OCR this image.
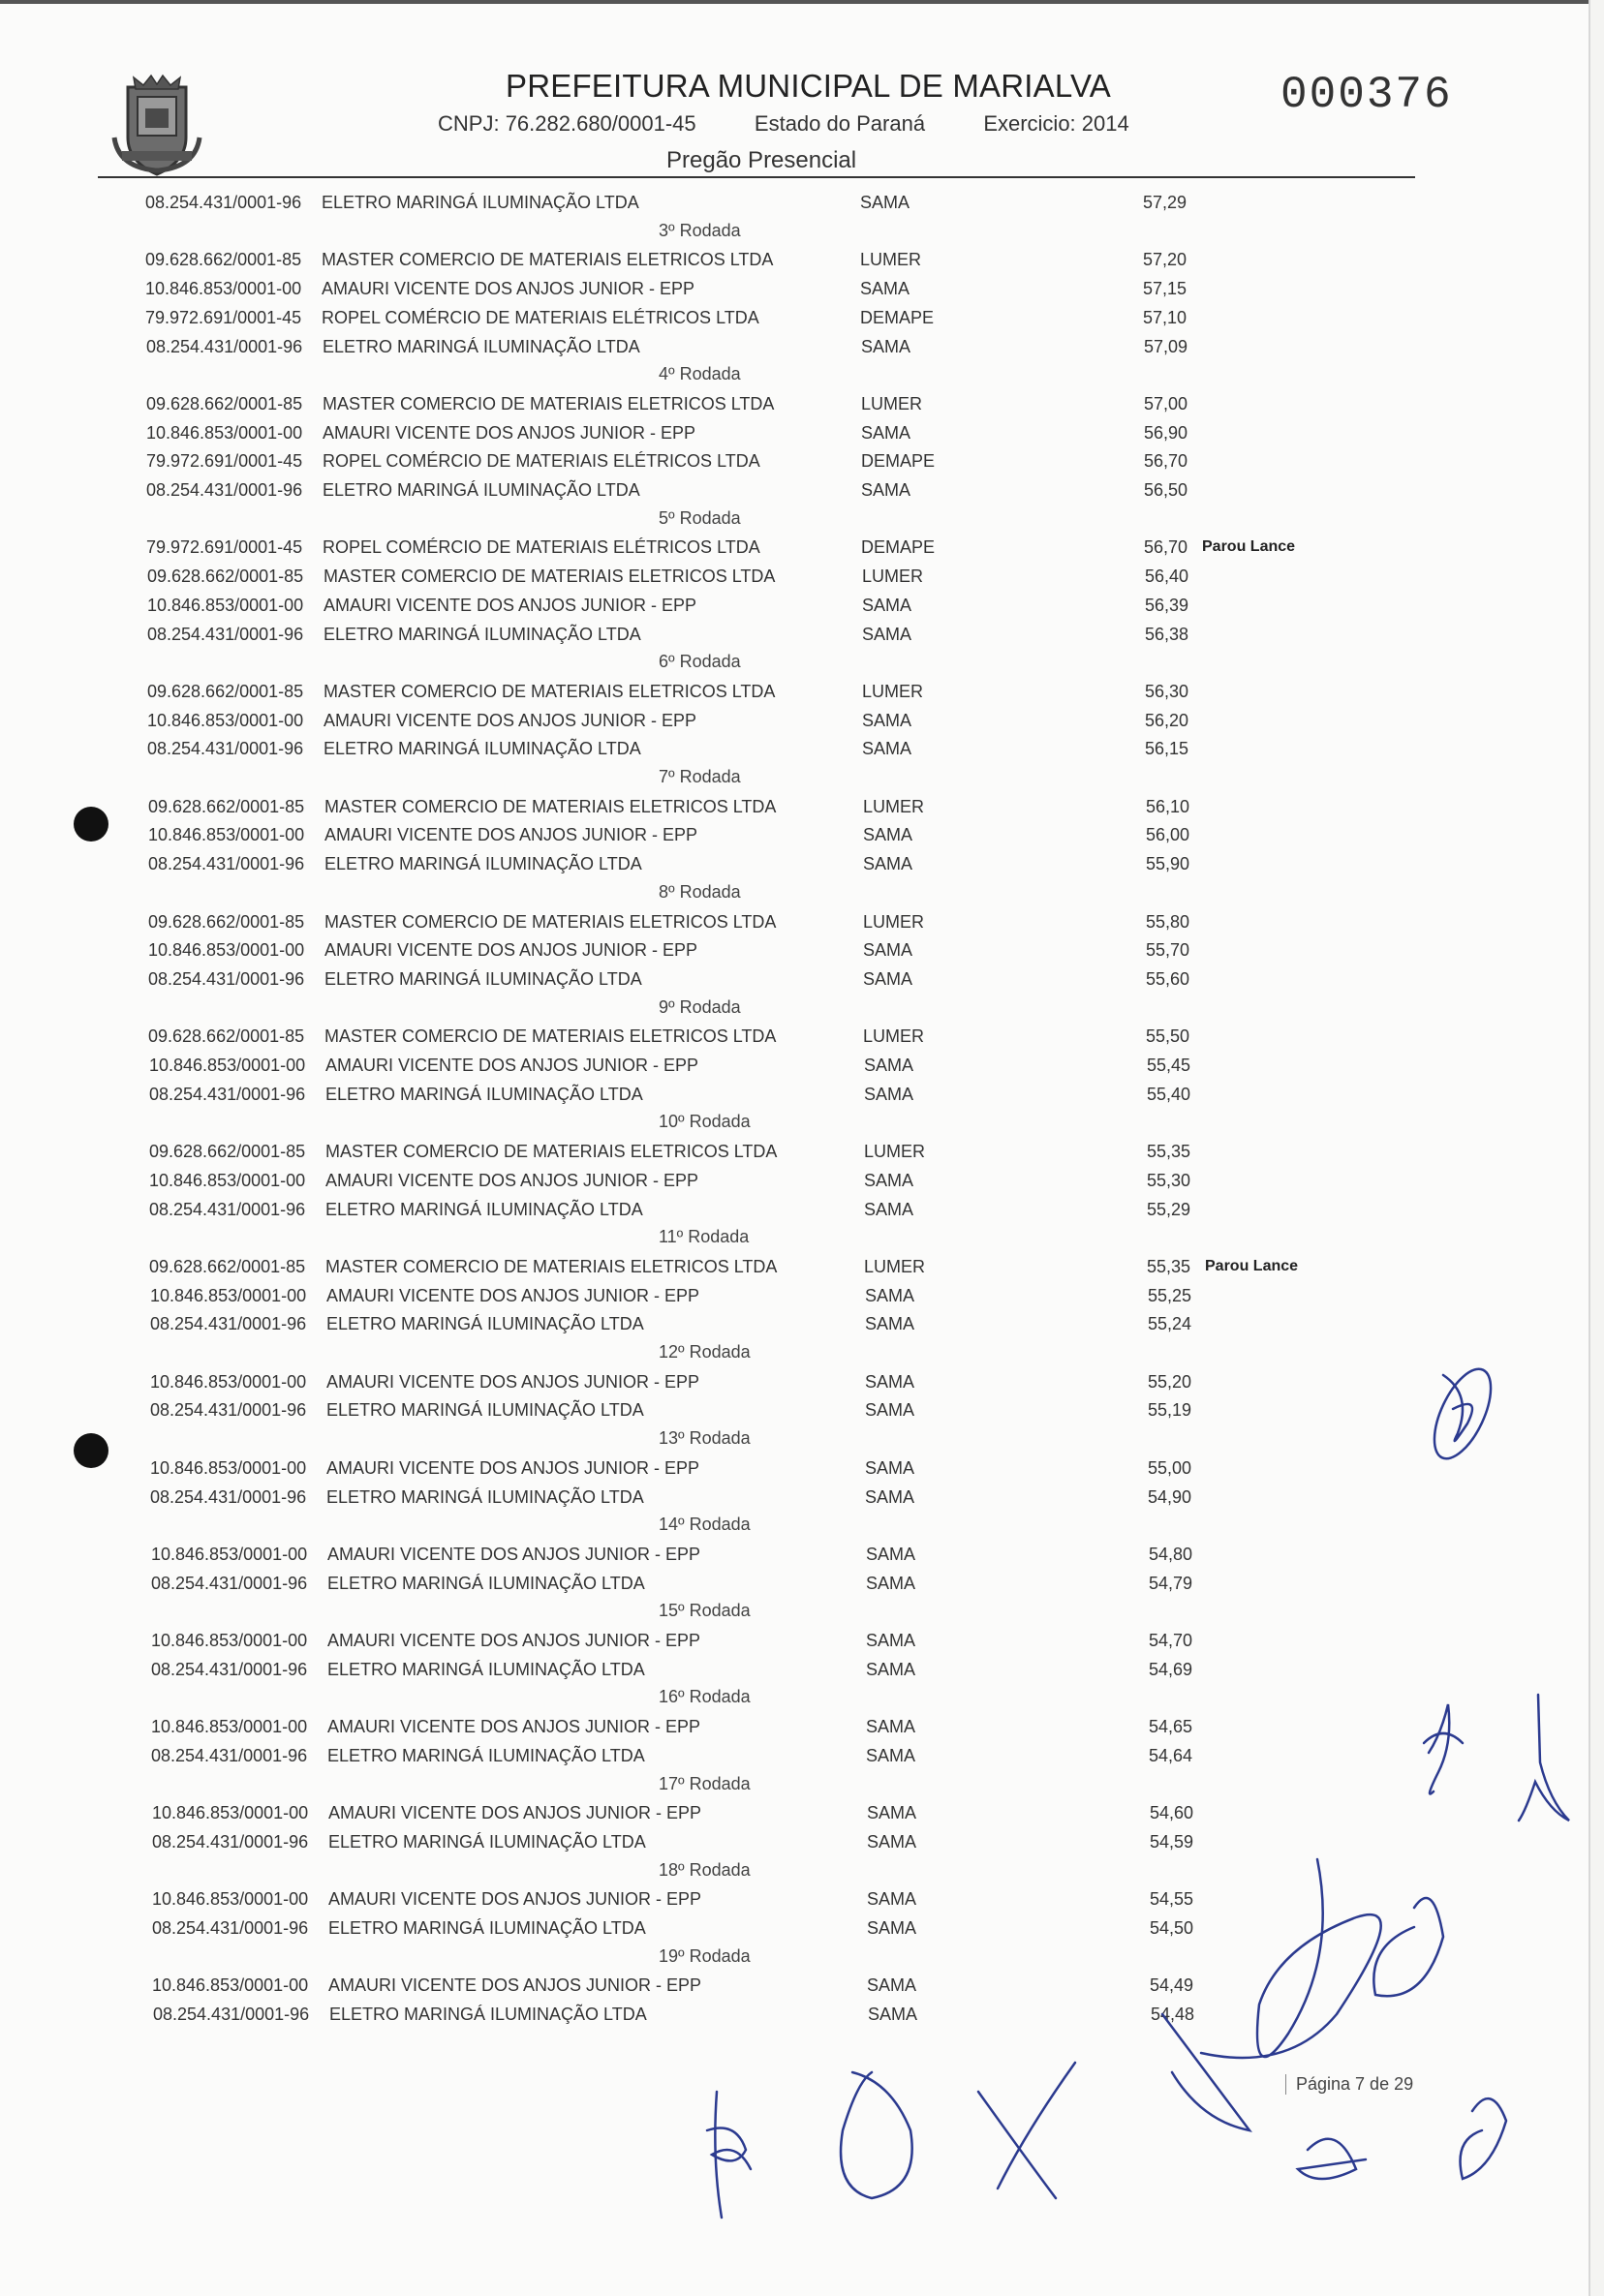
PREFEITURA MUNICIPAL DE MARIALVA
CNPJ: 76.282.680/0001-45	Estado do Paraná	Exercicio: 2014
Pregão Presencial
000376
08.254.431/0001-96 ELETRO MARINGÁ ILUMINAÇÃO LTDA	SAMA	57,29
3º Rodada
09.628.662/0001-85 MASTER COMERCIO DE MATERIAIS ELETRICOS LTDA	LUMER	57,20
10.846.853/0001-00 AMAURI VICENTE DOS ANJOS JUNIOR - EPP	SAMA	57,15
79.972.691/0001-45 ROPEL COMÉRCIO DE MATERIAIS ELÉTRICOS LTDA	DEMAPE	57,10
08.254.431/0001-96 ELETRO MARINGÁ ILUMINAÇÃO LTDA	SAMA	57,09
4º Rodada
09.628.662/0001-85 MASTER COMERCIO DE MATERIAIS ELETRICOS LTDA	LUMER	57,00
10.846.853/0001-00 AMAURI VICENTE DOS ANJOS JUNIOR - EPP	SAMA	56,90
79.972.691/0001-45 ROPEL COMÉRCIO DE MATERIAIS ELÉTRICOS LTDA	DEMAPE	56,70
08.254.431/0001-96 ELETRO MARINGÁ ILUMINAÇÃO LTDA	SAMA	56,50
5º Rodada
79.972.691/0001-45 ROPEL COMÉRCIO DE MATERIAIS ELÉTRICOS LTDA	DEMAPE	56,70 Parou Lance
09.628.662/0001-85 MASTER COMERCIO DE MATERIAIS ELETRICOS LTDA	LUMER	56,40
10.846.853/0001-00 AMAURI VICENTE DOS ANJOS JUNIOR - EPP	SAMA	56,39
08.254.431/0001-96 ELETRO MARINGÁ ILUMINAÇÃO LTDA	SAMA	56,38
6º Rodada
09.628.662/0001-85 MASTER COMERCIO DE MATERIAIS ELETRICOS LTDA	LUMER	56,30
10.846.853/0001-00 AMAURI VICENTE DOS ANJOS JUNIOR - EPP	SAMA	56,20
08.254.431/0001-96 ELETRO MARINGÁ ILUMINAÇÃO LTDA	SAMA	56,15
7º Rodada
09.628.662/0001-85 MASTER COMERCIO DE MATERIAIS ELETRICOS LTDA	LUMER	56,10
10.846.853/0001-00 AMAURI VICENTE DOS ANJOS JUNIOR - EPP	SAMA	56,00
08.254.431/0001-96 ELETRO MARINGÁ ILUMINAÇÃO LTDA	SAMA	55,90
8º Rodada
09.628.662/0001-85 MASTER COMERCIO DE MATERIAIS ELETRICOS LTDA	LUMER	55,80
10.846.853/0001-00 AMAURI VICENTE DOS ANJOS JUNIOR - EPP	SAMA	55,70
08.254.431/0001-96 ELETRO MARINGÁ ILUMINAÇÃO LTDA	SAMA	55,60
9º Rodada
09.628.662/0001-85 MASTER COMERCIO DE MATERIAIS ELETRICOS LTDA	LUMER	55,50
10.846.853/0001-00 AMAURI VICENTE DOS ANJOS JUNIOR - EPP	SAMA	55,45
08.254.431/0001-96 ELETRO MARINGÁ ILUMINAÇÃO LTDA	SAMA	55,40
10º Rodada
09.628.662/0001-85 MASTER COMERCIO DE MATERIAIS ELETRICOS LTDA	LUMER	55,35
10.846.853/0001-00 AMAURI VICENTE DOS ANJOS JUNIOR - EPP	SAMA	55,30
08.254.431/0001-96 ELETRO MARINGÁ ILUMINAÇÃO LTDA	SAMA	55,29
11º Rodada
09.628.662/0001-85 MASTER COMERCIO DE MATERIAIS ELETRICOS LTDA	LUMER	55,35 Parou Lance
10.846.853/0001-00 AMAURI VICENTE DOS ANJOS JUNIOR - EPP	SAMA	55,25
08.254.431/0001-96 ELETRO MARINGÁ ILUMINAÇÃO LTDA	SAMA	55,24
12º Rodada
10.846.853/0001-00 AMAURI VICENTE DOS ANJOS JUNIOR - EPP	SAMA	55,20
08.254.431/0001-96 ELETRO MARINGÁ ILUMINAÇÃO LTDA	SAMA	55,19
13º Rodada
10.846.853/0001-00 AMAURI VICENTE DOS ANJOS JUNIOR - EPP	SAMA	55,00
08.254.431/0001-96 ELETRO MARINGÁ ILUMINAÇÃO LTDA	SAMA	54,90
14º Rodada
10.846.853/0001-00 AMAURI VICENTE DOS ANJOS JUNIOR - EPP	SAMA	54,80
08.254.431/0001-96 ELETRO MARINGÁ ILUMINAÇÃO LTDA	SAMA	54,79
15º Rodada
10.846.853/0001-00 AMAURI VICENTE DOS ANJOS JUNIOR - EPP	SAMA	54,70
08.254.431/0001-96 ELETRO MARINGÁ ILUMINAÇÃO LTDA	SAMA	54,69
16º Rodada
10.846.853/0001-00 AMAURI VICENTE DOS ANJOS JUNIOR - EPP	SAMA	54,65
08.254.431/0001-96 ELETRO MARINGÁ ILUMINAÇÃO LTDA	SAMA	54,64
17º Rodada
10.846.853/0001-00 AMAURI VICENTE DOS ANJOS JUNIOR - EPP	SAMA	54,60
08.254.431/0001-96 ELETRO MARINGÁ ILUMINAÇÃO LTDA	SAMA	54,59
18º Rodada
10.846.853/0001-00 AMAURI VICENTE DOS ANJOS JUNIOR - EPP	SAMA	54,55
08.254.431/0001-96 ELETRO MARINGÁ ILUMINAÇÃO LTDA	SAMA	54,50
19º Rodada
10.846.853/0001-00 AMAURI VICENTE DOS ANJOS JUNIOR - EPP	SAMA	54,49
08.254.431/0001-96 ELETRO MARINGÁ ILUMINAÇÃO LTDA	SAMA	54,48
Página 7 de 29
